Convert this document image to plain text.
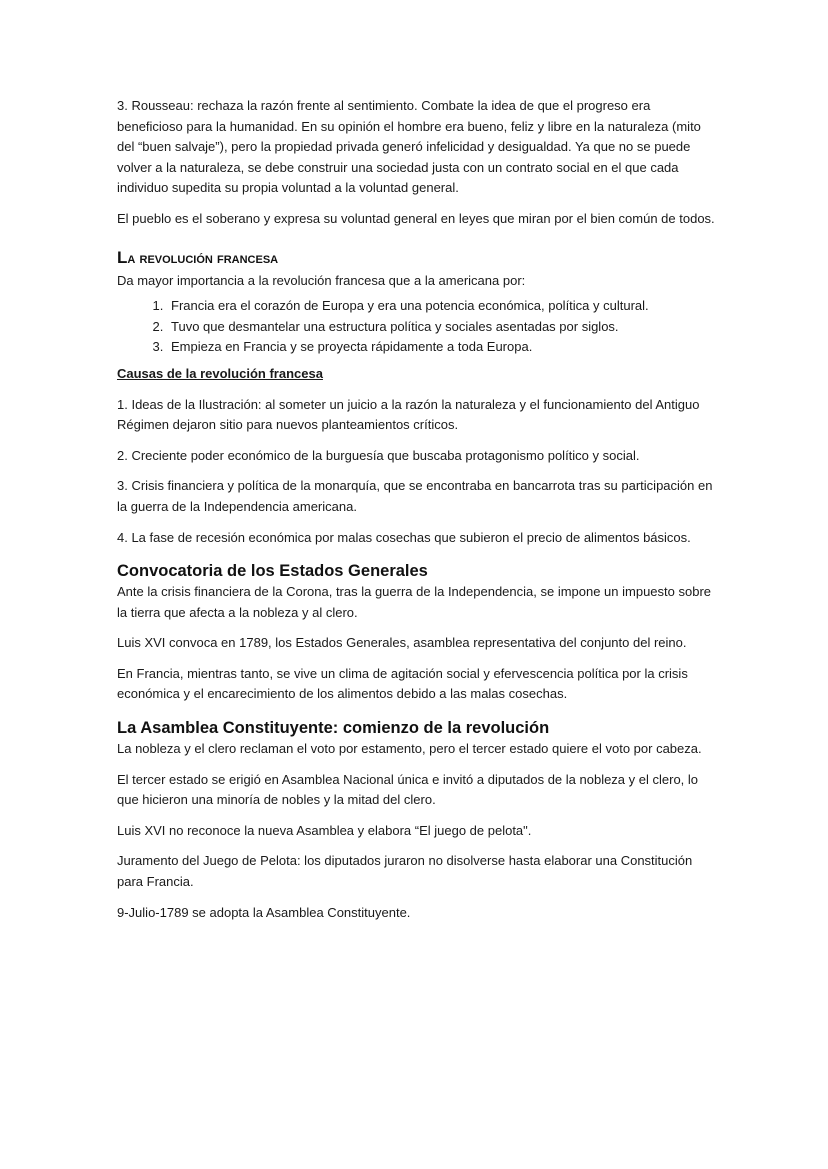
3. Rousseau: rechaza la razón frente al sentimiento. Combate la idea de que el progreso era beneficioso para la humanidad. En su opinión el hombre era bueno, feliz y libre en la naturaleza (mito del “buen salvaje”), pero la propiedad privada generó infelicidad y desigualdad. Ya que no se puede volver a la naturaleza, se debe construir una sociedad justa con un contrato social en el que cada individuo supedita su propia voluntad a la voluntad general.

El pueblo es el soberano y expresa su voluntad general en leyes que miran por el bien común de todos.

La revolución francesa

Da mayor importancia a la revolución francesa que a la americana por:

1. Francia era el corazón de Europa y era una potencia económica, política y cultural.
2. Tuvo que desmantelar una estructura política y sociales asentadas por siglos.
3. Empieza en Francia y se proyecta rápidamente a toda Europa.
Causas de la revolución francesa

1. Ideas de la Ilustración: al someter un juicio a la razón la naturaleza y el funcionamiento del Antiguo Régimen dejaron sitio para nuevos planteamientos críticos.

2. Creciente poder económico de la burguesía que buscaba protagonismo político y social.

3. Crisis financiera y política de la monarquía, que se encontraba en bancarrota tras su participación en la guerra de la Independencia americana.

4. La fase de recesión económica por malas cosechas que subieron el precio de alimentos básicos.

Convocatoria de los Estados Generales

Ante la crisis financiera de la Corona, tras la guerra de la Independencia, se impone un impuesto sobre la tierra que afecta a la nobleza y al clero.

Luis XVI convoca en 1789, los Estados Generales, asamblea representativa del conjunto del reino.

En Francia, mientras tanto, se vive un clima de agitación social y efervescencia política por la crisis económica y el encarecimiento de los alimentos debido a las malas cosechas.

La Asamblea Constituyente: comienzo de la revolución

La nobleza y el clero reclaman el voto por estamento, pero el tercer estado quiere el voto por cabeza.

El tercer estado se erigió en Asamblea Nacional única e invitó a diputados de la nobleza y el clero, lo que hicieron una minoría de nobles y la mitad del clero.

Luis XVI no reconoce la nueva Asamblea y elabora “El juego de pelota".

Juramento del Juego de Pelota: los diputados juraron no disolverse hasta elaborar una Constitución para Francia.

9-Julio-1789 se adopta la Asamblea Constituyente.
